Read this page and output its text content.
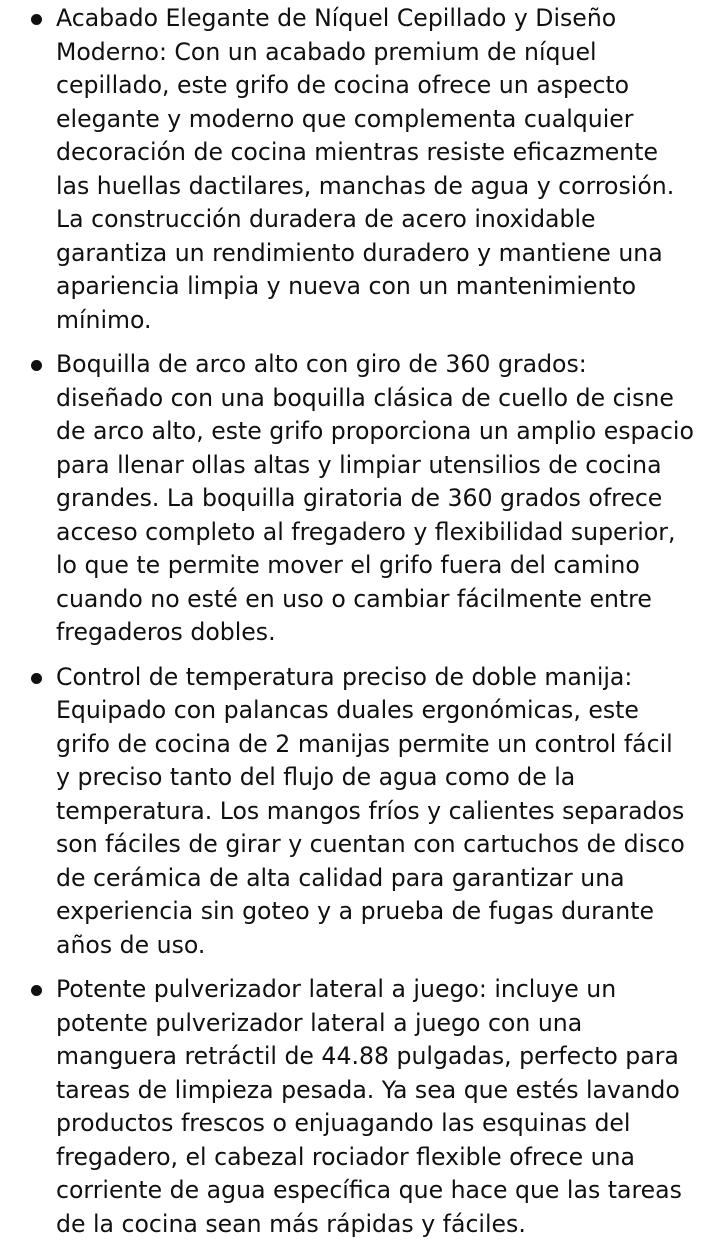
Acabado Elegante de Níquel Cepillado y Diseño Moderno: Con un acabado premium de níquel cepillado, este grifo de cocina ofrece un aspecto elegante y moderno que complementa cualquier decoración de cocina mientras resiste eficazmente las huellas dactilares, manchas de agua y corrosión. La construcción duradera de acero inoxidable garantiza un rendimiento duradero y mantiene una apariencia limpia y nueva con un mantenimiento mínimo.
Boquilla de arco alto con giro de 360 grados: diseñado con una boquilla clásica de cuello de cisne de arco alto, este grifo proporciona un amplio espacio para llenar ollas altas y limpiar utensilios de cocina grandes. La boquilla giratoria de 360 grados ofrece acceso completo al fregadero y flexibilidad superior, lo que te permite mover el grifo fuera del camino cuando no esté en uso o cambiar fácilmente entre fregaderos dobles.
Control de temperatura preciso de doble manija: Equipado con palancas duales ergonómicas, este grifo de cocina de 2 manijas permite un control fácil y preciso tanto del flujo de agua como de la temperatura. Los mangos fríos y calientes separados son fáciles de girar y cuentan con cartuchos de disco de cerámica de alta calidad para garantizar una experiencia sin goteo y a prueba de fugas durante años de uso.
Potente pulverizador lateral a juego: incluye un potente pulverizador lateral a juego con una manguera retráctil de 44.88 pulgadas, perfecto para tareas de limpieza pesada. Ya sea que estés lavando productos frescos o enjuagando las esquinas del fregadero, el cabezal rociador flexible ofrece una corriente de agua específica que hace que las tareas de la cocina sean más rápidas y fáciles.
